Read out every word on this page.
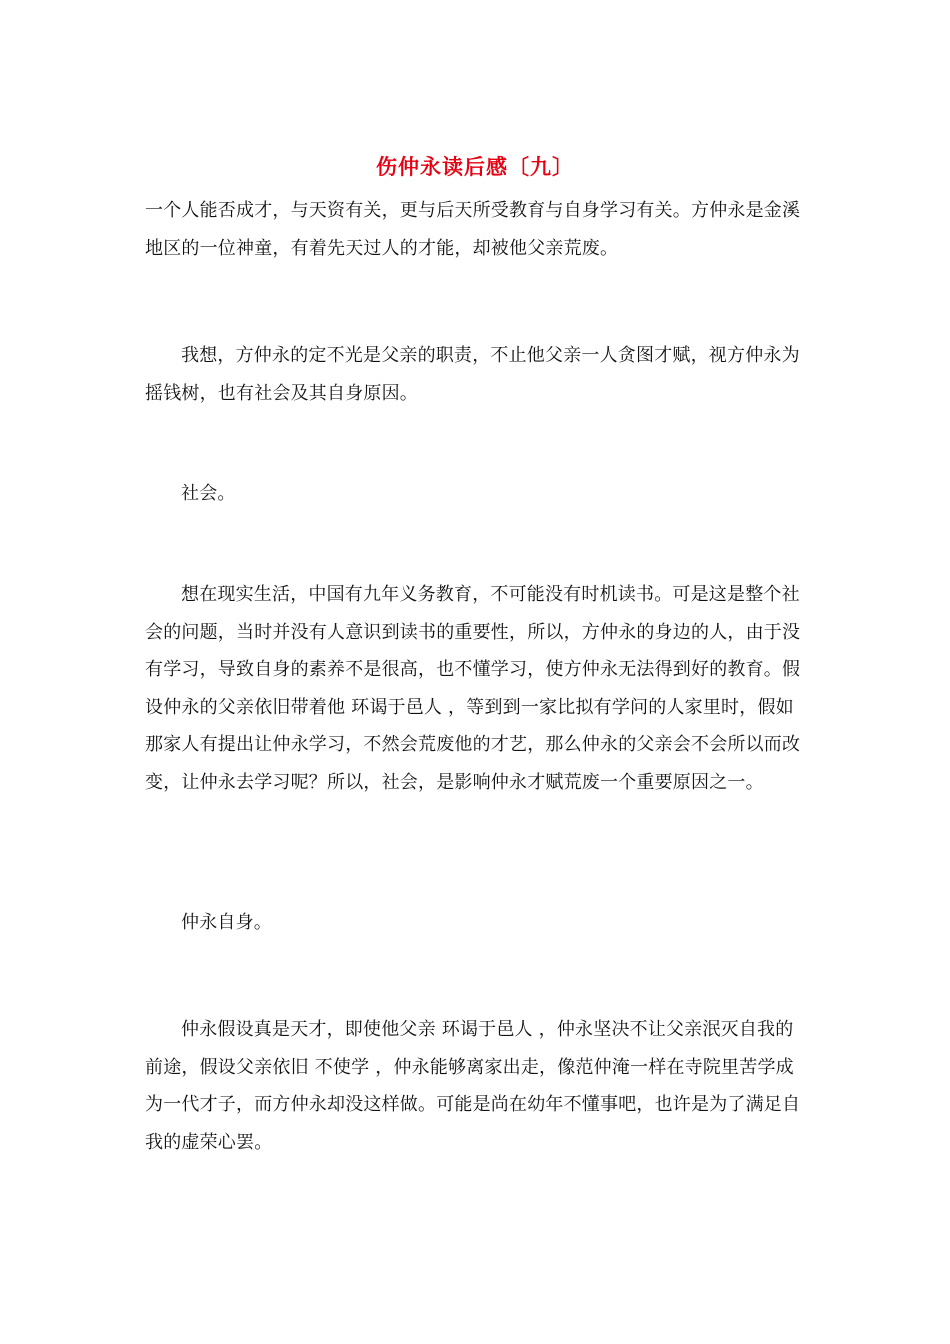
伤仲永读后感〔九〕

一个人能否成才，与天资有关，更与后天所受教育与自身学习有关。方仲永是金溪地区的一位神童，有着先天过人的才能，却被他父亲荒废。

我想，方仲永的定不光是父亲的职责，不止他父亲一人贪图才赋，视方仲永为摇钱树，也有社会及其自身原因。

社会。

想在现实生活，中国有九年义务教育，不可能没有时机读书。可是这是整个社会的问题，当时并没有人意识到读书的重要性，所以，方仲永的身边的人，由于没有学习，导致自身的素养不是很高，也不懂学习，使方仲永无法得到好的教育。假设仲永的父亲依旧带着他 环谒于邑人 ，等到到一家比拟有学问的人家里时，假如那家人有提出让仲永学习，不然会荒废他的才艺，那么仲永的父亲会不会所以而改变，让仲永去学习呢？所以，社会，是影响仲永才赋荒废一个重要原因之一。

仲永自身。

仲永假设真是天才，即使他父亲 环谒于邑人 ，仲永坚决不让父亲泯灭自我的前途，假设父亲依旧 不使学 ，仲永能够离家出走，像范仲淹一样在寺院里苦学成为一代才子，而方仲永却没这样做。可能是尚在幼年不懂事吧，也许是为了满足自我的虚荣心罢。
